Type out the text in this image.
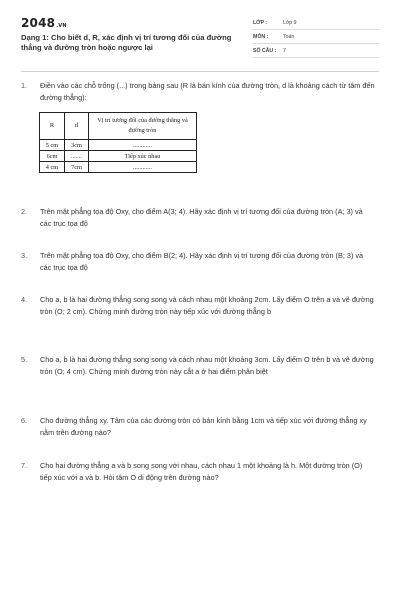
2048.VN
Dạng 1: Cho biết d, R, xác định vị trí tương đối của đường thẳng và đường tròn hoặc ngược lại
LỚP :	Lớp 9
MÔN :	Toán
SỐ CÂU :	7
1.	Điền vào các chỗ trống (...) trong bảng sau (R là bán kính của đường tròn, d là khoảng cách từ tâm đến đường thẳng):
R	d	Vị trí tương đối của đường thẳng và đường tròn
5 cm	3cm	............
6cm	.......	Tiếp xúc nhau
4 cm	7cm	............
2.	Trên mặt phẳng tọa độ Oxy, cho điểm A(3; 4). Hãy xác định vị trí tương đối của đường tròn (A; 3) và các trục tọa độ
3.	Trên mặt phẳng tọa độ Oxy, cho điểm B(2; 4). Hãy xác định vị trí tương đối của đường tròn (B; 3) và các trục tọa độ
4.	Cho a, b là hai đường thẳng song song và cách nhau một khoảng 2cm. Lấy điểm O trên a và vẽ đường tròn (O; 2 cm). Chứng minh đường tròn này tiếp xúc với đường thẳng b
5.	Cho a, b là hai đường thẳng song song và cách nhau một khoảng 3cm. Lấy điểm O trên b và vẽ đường tròn (O; 4 cm). Chứng minh đường tròn này cắt a ở hai điểm phân biệt
6.	Cho đường thẳng xy. Tâm của các đường tròn có bán kính bằng 1cm và tiếp xúc với đường thẳng xy nằm trên đường nào?
7.	Cho hai đường thẳng a và b song song với nhau, cách nhau 1 một khoảng là h. Một đường tròn (O) tiếp xúc với a và b. Hỏi tâm O di động trên đường nào?
